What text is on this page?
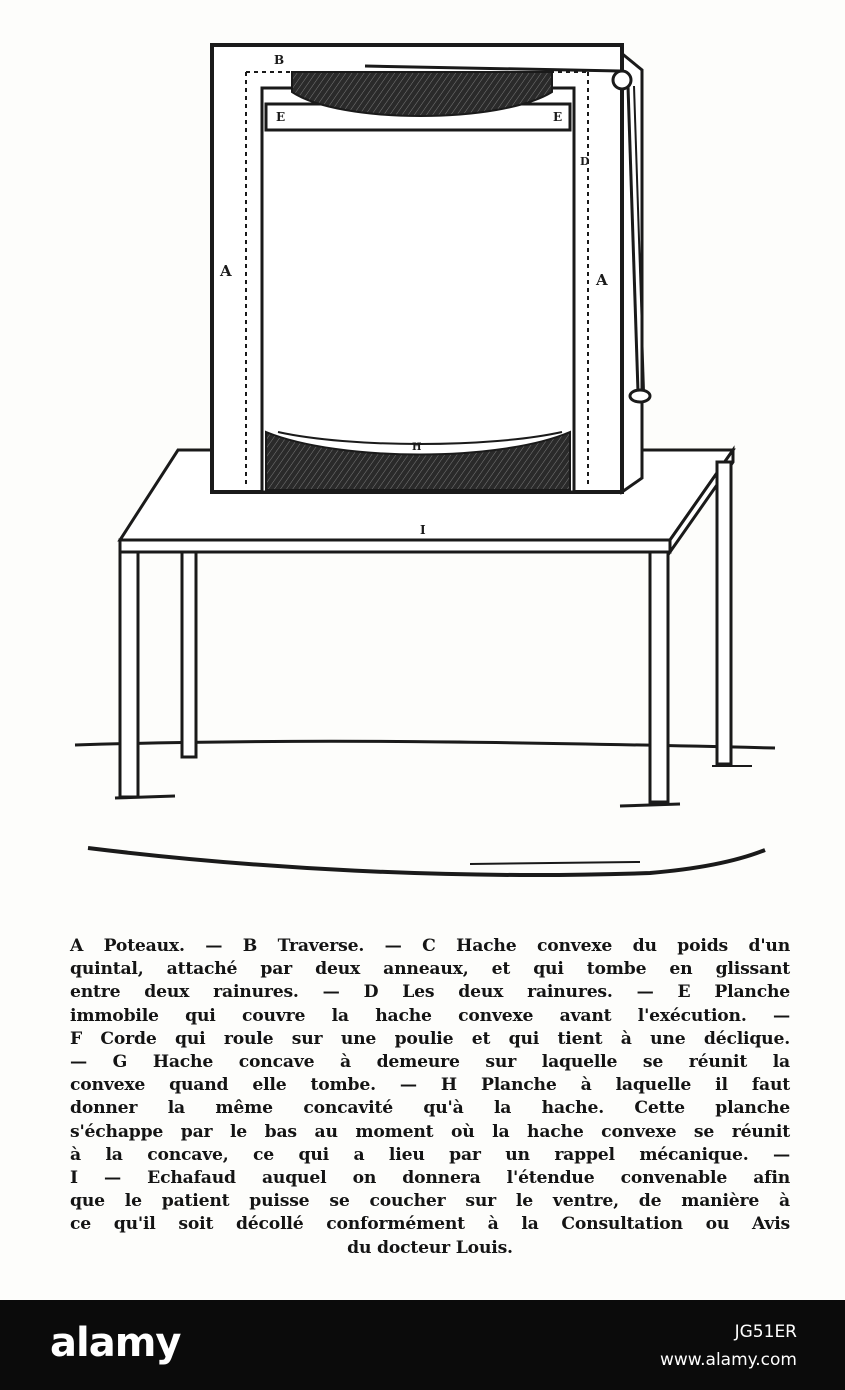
B
E	E
D
A	A
H
I

A Poteaux. — B Traverse. — C Hache convexe du poids d'un

quintal, attaché par deux anneaux, et qui tombe en glissant

entre deux rainures. — D Les deux rainures. — E Planche

immobile qui couvre la hache convexe avant l'exécution. —

F Corde qui roule sur une poulie et qui tient à une déclique.

— G Hache concave à demeure sur laquelle se réunit la

convexe quand elle tombe. — H Planche à laquelle il faut

donner la même concavité qu'à la hache. Cette planche

s'échappe par le bas au moment où la hache convexe se réunit

à la concave, ce qui a lieu par un rappel mécanique. —

I — Echafaud auquel on donnera l'étendue convenable afin

que le patient puisse se coucher sur le ventre, de manière à

ce qu'il soit décollé conformément à la Consultation ou Avis

du docteur Louis.

alamy	JG51ER
www.alamy.com
